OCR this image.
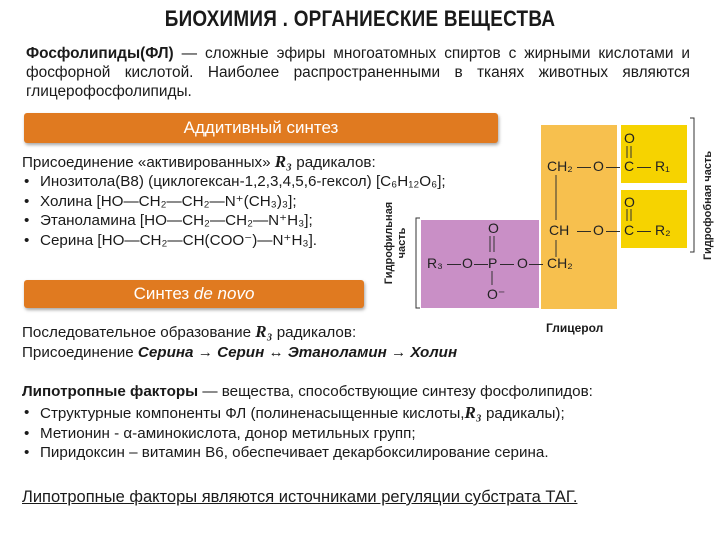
БИОХИМИЯ . ОРГАНИЕСКИЕ ВЕЩЕСТВА
Фосфолипиды(ФЛ) — сложные эфиры многоатомных спиртов с жирными кислотами и фосфорной кислотой. Наиболее распространенными в тканях животных являются глицерофосфолипиды.
Аддитивный синтез
Присоединение «активированных» R₃ радикалов:
• Инозитола(В8) (циклогексан-1,2,3,4,5,6-гексол) [C₆H₁₂O₆];
• Холина [HO—CH₂—CH₂—N⁺(CH₃)₃];
• Этаноламина [HO—CH₂—CH₂—N⁺H₃];
• Серина [HO—CH₂—CH(COO⁻)—N⁺H₃].
Синтез de novo
Последовательное образование R₃ радикалов:
Присоединение Серина → Серин ↔ Этаноламин → Холин
Липотропные факторы — вещества, способствующие синтезу фосфолипидов:
• Структурные компоненты ФЛ (полиненасыщенные кислоты,R₃ радикалы);
• Метионин - α-аминокислота, донор метильных групп;
• Пиридоксин – витамин В6, обеспечивает декарбоксилирование серина.
Липотропные факторы являются источниками регуляции субстрата ТАГ.
CH₂ — O —
O
C — R₁
CH — O —
O
C — R₂
R₃ — O —
O
P — O — CH₂
O⁻
Гидрофобная часть
Гидрофильная часть
Глицерол
